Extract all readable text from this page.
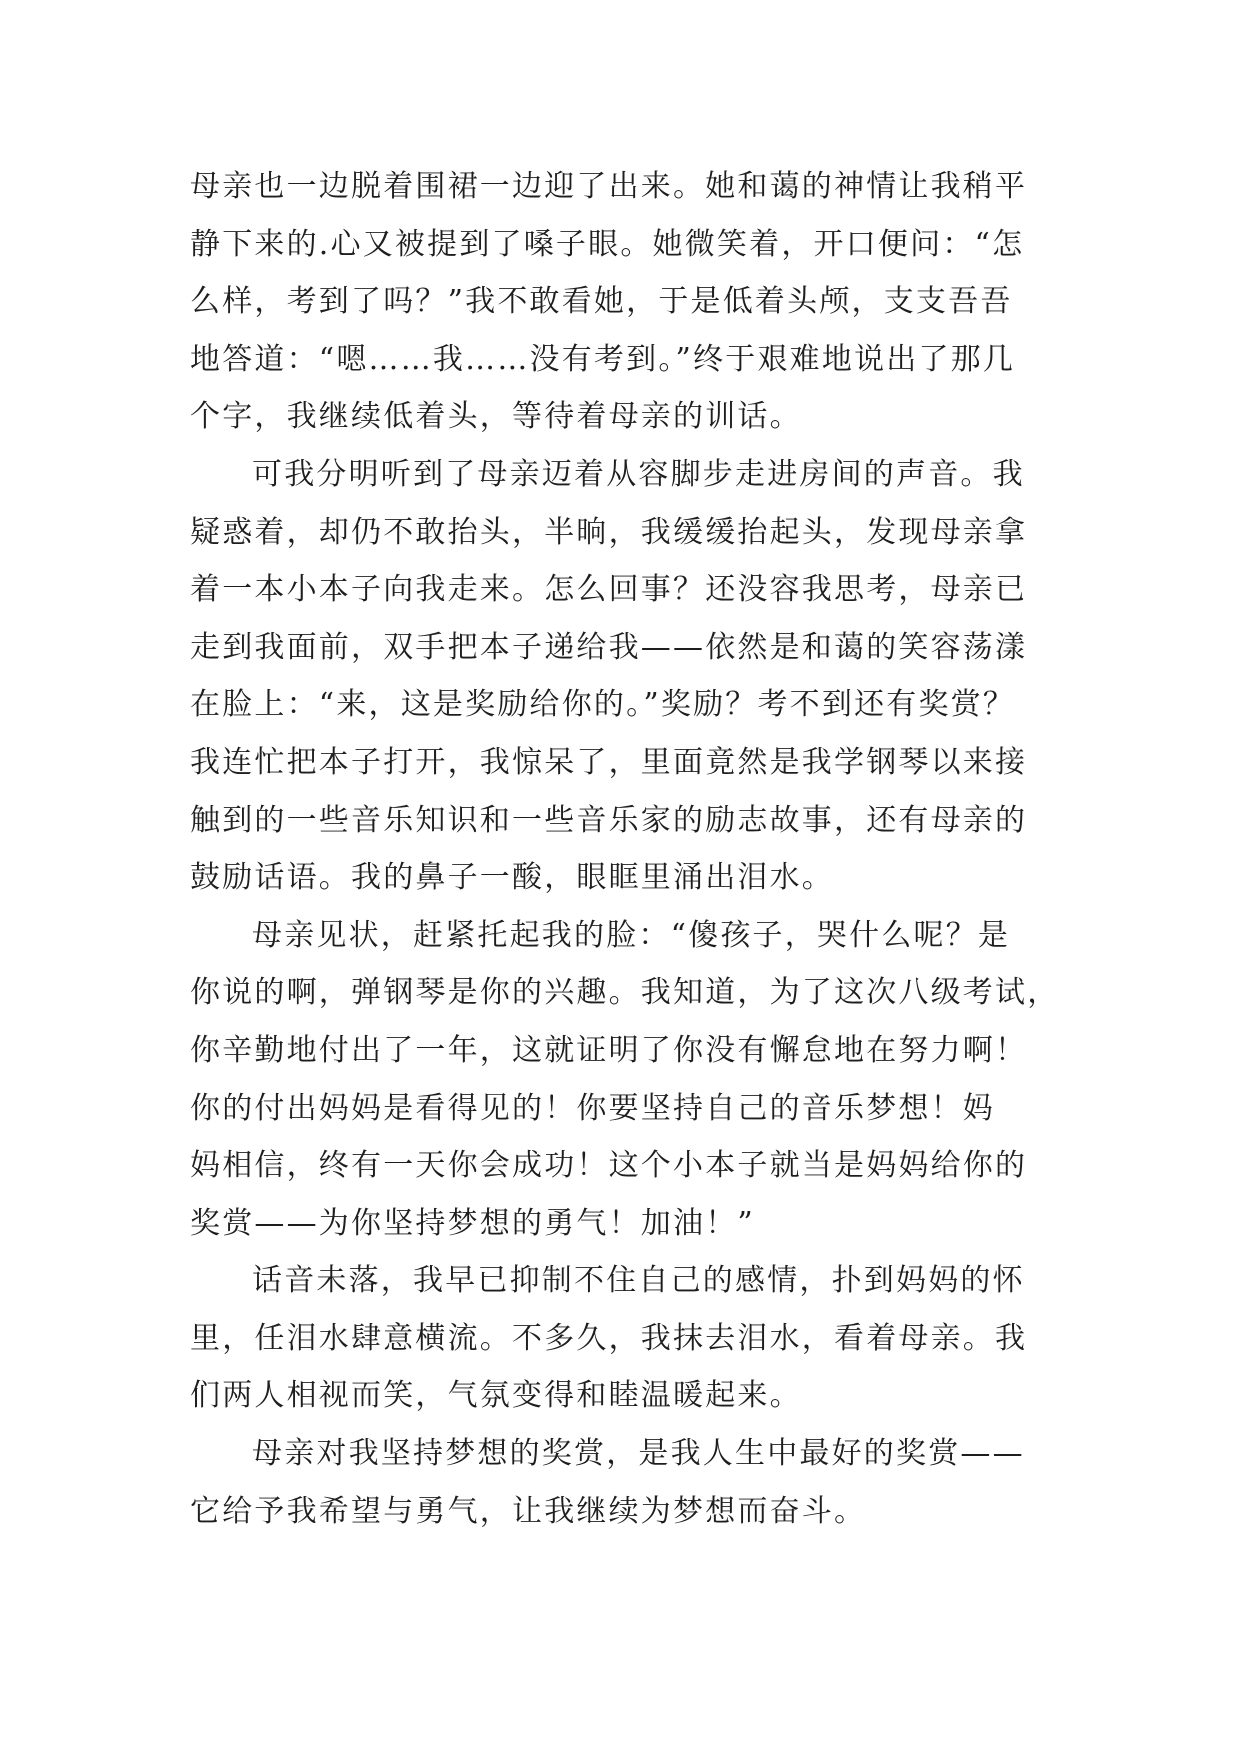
母亲也一边脱着围裙一边迎了出来。她和蔼的神情让我稍平
静下来的.心又被提到了嗓子眼。她微笑着，开口便问：“怎
么样，考到了吗？”我不敢看她，于是低着头颅，支支吾吾
地答道：“嗯……我……没有考到。”终于艰难地说出了那几
个字，我继续低着头，等待着母亲的训话。
可我分明听到了母亲迈着从容脚步走进房间的声音。我
疑惑着，却仍不敢抬头，半晌，我缓缓抬起头，发现母亲拿
着一本小本子向我走来。怎么回事？还没容我思考，母亲已
走到我面前，双手把本子递给我——依然是和蔼的笑容荡漾
在脸上：“来，这是奖励给你的。”奖励？考不到还有奖赏？
我连忙把本子打开，我惊呆了，里面竟然是我学钢琴以来接
触到的一些音乐知识和一些音乐家的励志故事，还有母亲的
鼓励话语。我的鼻子一酸，眼眶里涌出泪水。
母亲见状，赶紧托起我的脸：“傻孩子，哭什么呢？是
你说的啊，弹钢琴是你的兴趣。我知道，为了这次八级考试，
你辛勤地付出了一年，这就证明了你没有懈怠地在努力啊！
你的付出妈妈是看得见的！你要坚持自己的音乐梦想！妈
妈相信，终有一天你会成功！这个小本子就当是妈妈给你的
奖赏——为你坚持梦想的勇气！加油！”
话音未落，我早已抑制不住自己的感情，扑到妈妈的怀
里，任泪水肆意横流。不多久，我抹去泪水，看着母亲。我
们两人相视而笑，气氛变得和睦温暖起来。
母亲对我坚持梦想的奖赏，是我人生中最好的奖赏——
它给予我希望与勇气，让我继续为梦想而奋斗。
